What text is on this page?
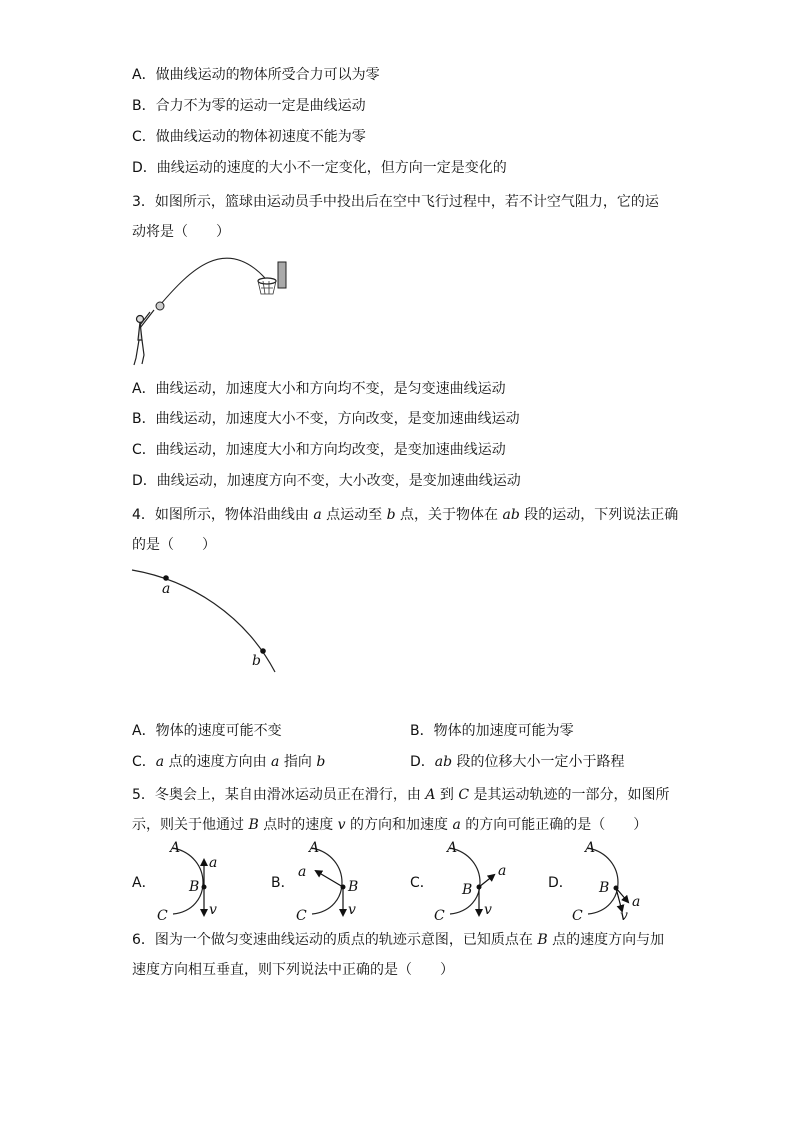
A．做曲线运动的物体所受合力可以为零
B．合力不为零的运动一定是曲线运动
C．做曲线运动的物体初速度不能为零
D．曲线运动的速度的大小不一定变化，但方向一定是变化的
3．如图所示，篮球由运动员手中投出后在空中飞行过程中，若不计空气阻力，它的运
动将是（　　）
A．曲线运动，加速度大小和方向均不变，是匀变速曲线运动
B．曲线运动，加速度大小不变，方向改变，是变加速曲线运动
C．曲线运动，加速度大小和方向均改变，是变加速曲线运动
D．曲线运动，加速度方向不变，大小改变，是变加速曲线运动
4．如图所示，物体沿曲线由 a 点运动至 b 点，关于物体在 ab 段的运动，下列说法正确
的是（　　）
a
b
A．物体的速度可能不变	B．物体的加速度可能为零
C．a 点的速度方向由 a 指向 b	D．ab 段的位移大小一定小于路程
5．冬奥会上，某自由滑冰运动员正在滑行，由 A 到 C 是其运动轨迹的一部分，如图所
示，则关于他通过 B 点时的速度 v 的方向和加速度 a 的方向可能正确的是（　　）
A．	B．	C．	D．
A
B
C
a
v
A
B
C
a
v
A
B
C
a
v
A
B
C
a
v
6．图为一个做匀变速曲线运动的质点的轨迹示意图，已知质点在 B 点的速度方向与加
速度方向相互垂直，则下列说法中正确的是（　　）
